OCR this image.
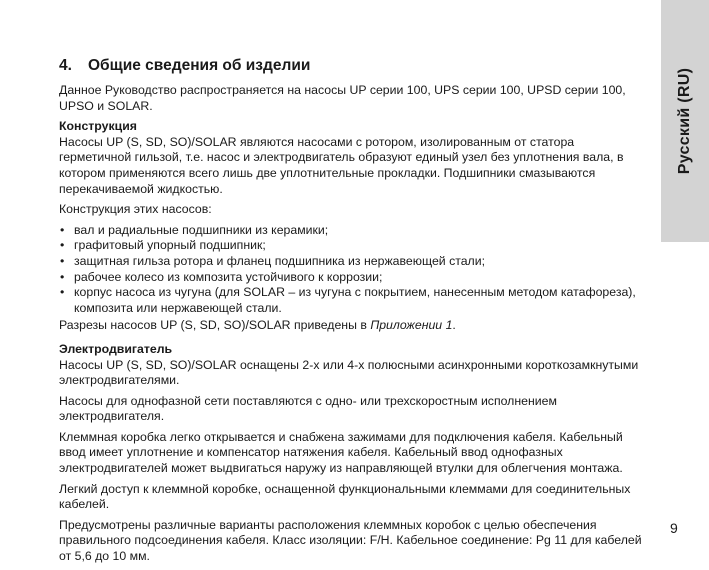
Русский (RU)
4. Общие сведения об изделии

Данное Руководство распространяется на насосы UP серии 100, UPS серии 100, UPSD серии 100, UPSO и SOLAR.

Конструкция

Насосы UP (S, SD, SO)/SOLAR являются насосами с ротором, изолированным от статора герметичной гильзой, т.е. насос и электродвигатель образуют единый узел без уплотнения вала, в котором применяются всего лишь две уплотнительные прокладки. Подшипники смазываются перекачиваемой жидкостью.

Конструкция этих насосов:

• вал и радиальные подшипники из керамики;
• графитовый упорный подшипник;
• защитная гильза ротора и фланец подшипника из нержавеющей стали;
• рабочее колесо из композита устойчивого к коррозии;
• корпус насоса из чугуна (для SOLAR – из чугуна с покрытием, нанесенным методом катафореза), композита или нержавеющей стали.

Разрезы насосов UP (S, SD, SO)/SOLAR приведены в Приложении 1.

Электродвигатель

Насосы UP (S, SD, SO)/SOLAR оснащены 2-х или 4-х полюсными асинхронными короткозамкнутыми электродвигателями.

Насосы для однофазной сети поставляются с одно- или трехскоростным исполнением электродвигателя.

Клеммная коробка легко открывается и снабжена зажимами для подключения кабеля. Кабельный ввод имеет уплотнение и компенсатор натяжения кабеля. Кабельный ввод однофазных электродвигателей может выдвигаться наружу из направляющей втулки для облегчения монтажа.

Легкий доступ к клеммной коробке, оснащенной функциональными клеммами для соединительных кабелей.

Предусмотрены различные варианты расположения клеммных коробок с целью обеспечения правильного подсоединения кабеля. Класс изоляции: F/H. Кабельное соединение: Pg 11 для кабелей от 5,6 до 10 мм.

9
